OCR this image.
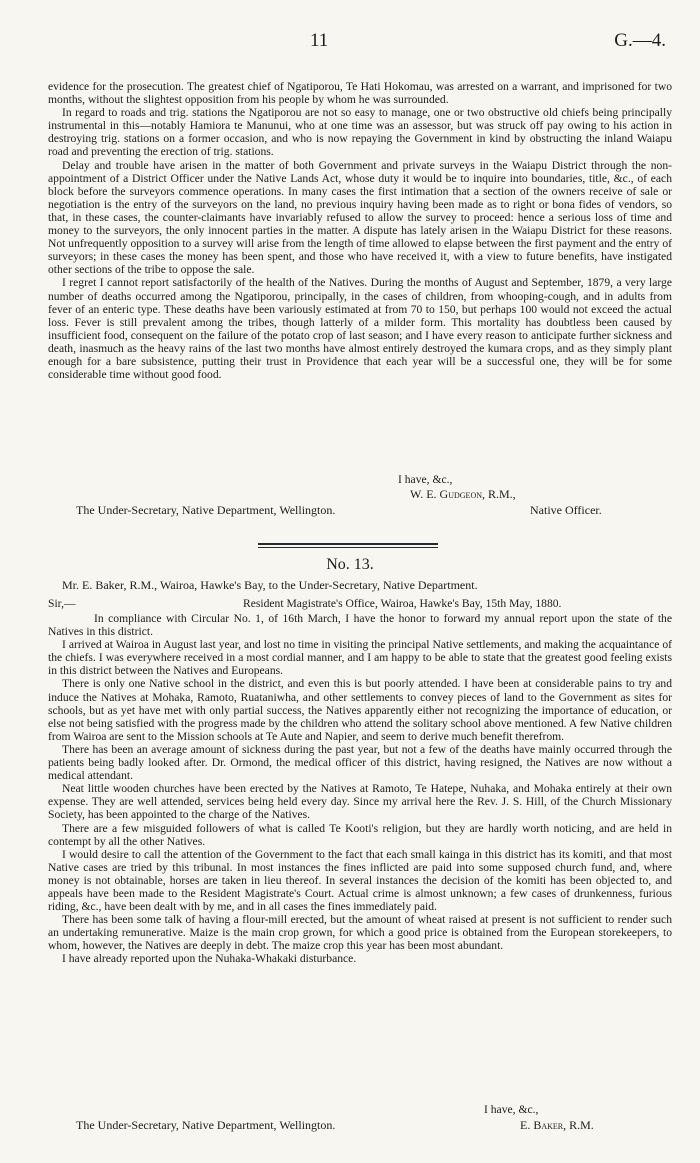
11	G.—4.

evidence for the prosecution. The greatest chief of Ngatiporou, Te Hati Hokomau, was arrested on a warrant, and imprisoned for two months, without the slightest opposition from his people by whom he was surrounded.

In regard to roads and trig. stations the Ngatiporou are not so easy to manage, one or two obstructive old chiefs being principally instrumental in this—notably Hamiora te Manunui, who at one time was an assessor, but was struck off pay owing to his action in destroying trig. stations on a former occasion, and who is now repaying the Government in kind by obstructing the inland Waiapu road and preventing the erection of trig. stations.

Delay and trouble have arisen in the matter of both Government and private surveys in the Waiapu District through the non-appointment of a District Officer under the Native Lands Act, whose duty it would be to inquire into boundaries, title, &c., of each block before the surveyors commence operations. In many cases the first intimation that a section of the owners receive of sale or negotiation is the entry of the surveyors on the land, no previous inquiry having been made as to right or bona fides of vendors, so that, in these cases, the counter-claimants have invariably refused to allow the survey to proceed: hence a serious loss of time and money to the surveyors, the only innocent parties in the matter. A dispute has lately arisen in the Waiapu District for these reasons. Not unfrequently opposition to a survey will arise from the length of time allowed to elapse between the first payment and the entry of surveyors; in these cases the money has been spent, and those who have received it, with a view to future benefits, have instigated other sections of the tribe to oppose the sale.

I regret I cannot report satisfactorily of the health of the Natives. During the months of August and September, 1879, a very large number of deaths occurred among the Ngatiporou, principally, in the cases of children, from whooping-cough, and in adults from fever of an enteric type. These deaths have been variously estimated at from 70 to 150, but perhaps 100 would not exceed the actual loss. Fever is still prevalent among the tribes, though latterly of a milder form. This mortality has doubtless been caused by insufficient food, consequent on the failure of the potato crop of last season; and I have every reason to anticipate further sickness and death, inasmuch as the heavy rains of the last two months have almost entirely destroyed the kumara crops, and as they simply plant enough for a bare subsistence, putting their trust in Providence that each year will be a successful one, they will be for some considerable time without good food.

I have, &c.,
W. E. Gudgeon, R.M.,
The Under-Secretary, Native Department, Wellington.	Native Officer.
No. 13.
Mr. E. Baker, R.M., Wairoa, Hawke's Bay, to the Under-Secretary, Native Department.
Sir,—	Resident Magistrate's Office, Wairoa, Hawke's Bay, 15th May, 1880.

In compliance with Circular No. 1, of 16th March, I have the honor to forward my annual report upon the state of the Natives in this district.

I arrived at Wairoa in August last year, and lost no time in visiting the principal Native settlements, and making the acquaintance of the chiefs. I was everywhere received in a most cordial manner, and I am happy to be able to state that the greatest good feeling exists in this district between the Natives and Europeans.

There is only one Native school in the district, and even this is but poorly attended. I have been at considerable pains to try and induce the Natives at Mohaka, Ramoto, Ruataniwha, and other settlements to convey pieces of land to the Government as sites for schools, but as yet have met with only partial success, the Natives apparently either not recognizing the importance of education, or else not being satisfied with the progress made by the children who attend the solitary school above mentioned. A few Native children from Wairoa are sent to the Mission schools at Te Aute and Napier, and seem to derive much benefit therefrom.

There has been an average amount of sickness during the past year, but not a few of the deaths have mainly occurred through the patients being badly looked after. Dr. Ormond, the medical officer of this district, having resigned, the Natives are now without a medical attendant.

Neat little wooden churches have been erected by the Natives at Ramoto, Te Hatepe, Nuhaka, and Mohaka entirely at their own expense. They are well attended, services being held every day. Since my arrival here the Rev. J. S. Hill, of the Church Missionary Society, has been appointed to the charge of the Natives.

There are a few misguided followers of what is called Te Kooti's religion, but they are hardly worth noticing, and are held in contempt by all the other Natives.

I would desire to call the attention of the Government to the fact that each small kainga in this district has its komiti, and that most Native cases are tried by this tribunal. In most instances the fines inflicted are paid into some supposed church fund, and, where money is not obtainable, horses are taken in lieu thereof. In several instances the decision of the komiti has been objected to, and appeals have been made to the Resident Magistrate's Court. Actual crime is almost unknown; a few cases of drunkenness, furious riding, &c., have been dealt with by me, and in all cases the fines immediately paid.

There has been some talk of having a flour-mill erected, but the amount of wheat raised at present is not sufficient to render such an undertaking remunerative. Maize is the main crop grown, for which a good price is obtained from the European storekeepers, to whom, however, the Natives are deeply in debt. The maize crop this year has been most abundant.

I have already reported upon the Nuhaka-Whakaki disturbance.

I have, &c.,
The Under-Secretary, Native Department, Wellington.	E. Baker, R.M.
